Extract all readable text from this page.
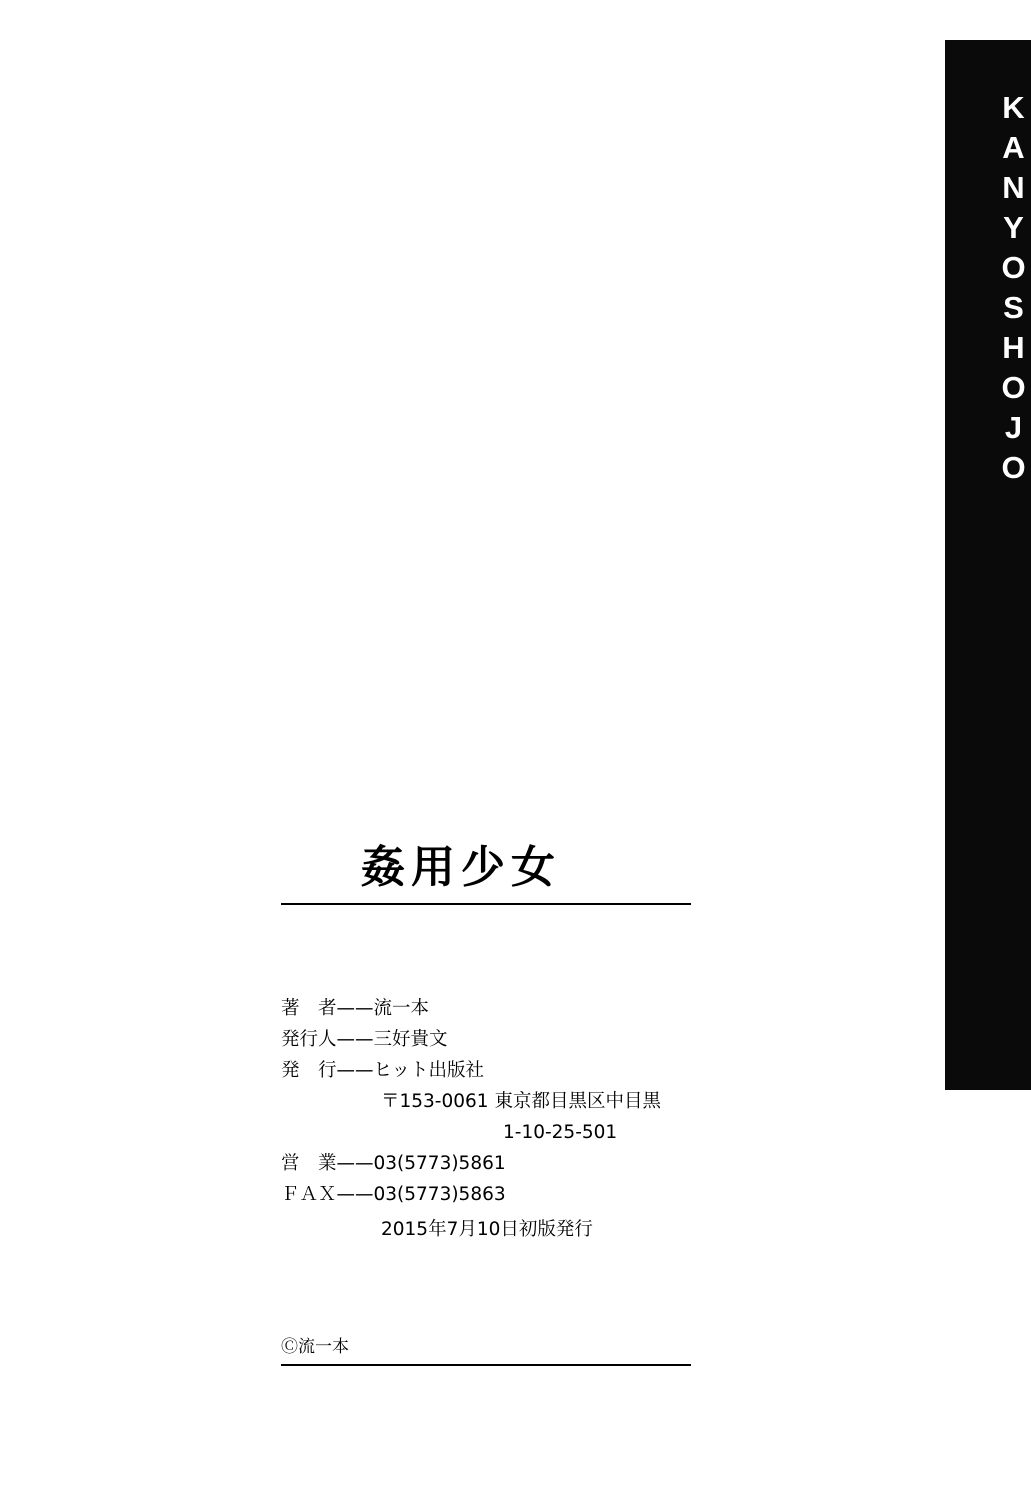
KANYOSHOJO
姦用少女
著　者——流一本
発行人——三好貴文
発　行——ヒット出版社
〒153-0061 東京都目黒区中目黒
1-10-25-501
営　業——03(5773)5861
ＦＡＸ——03(5773)5863
2015年7月10日初版発行
Ⓒ流一本
